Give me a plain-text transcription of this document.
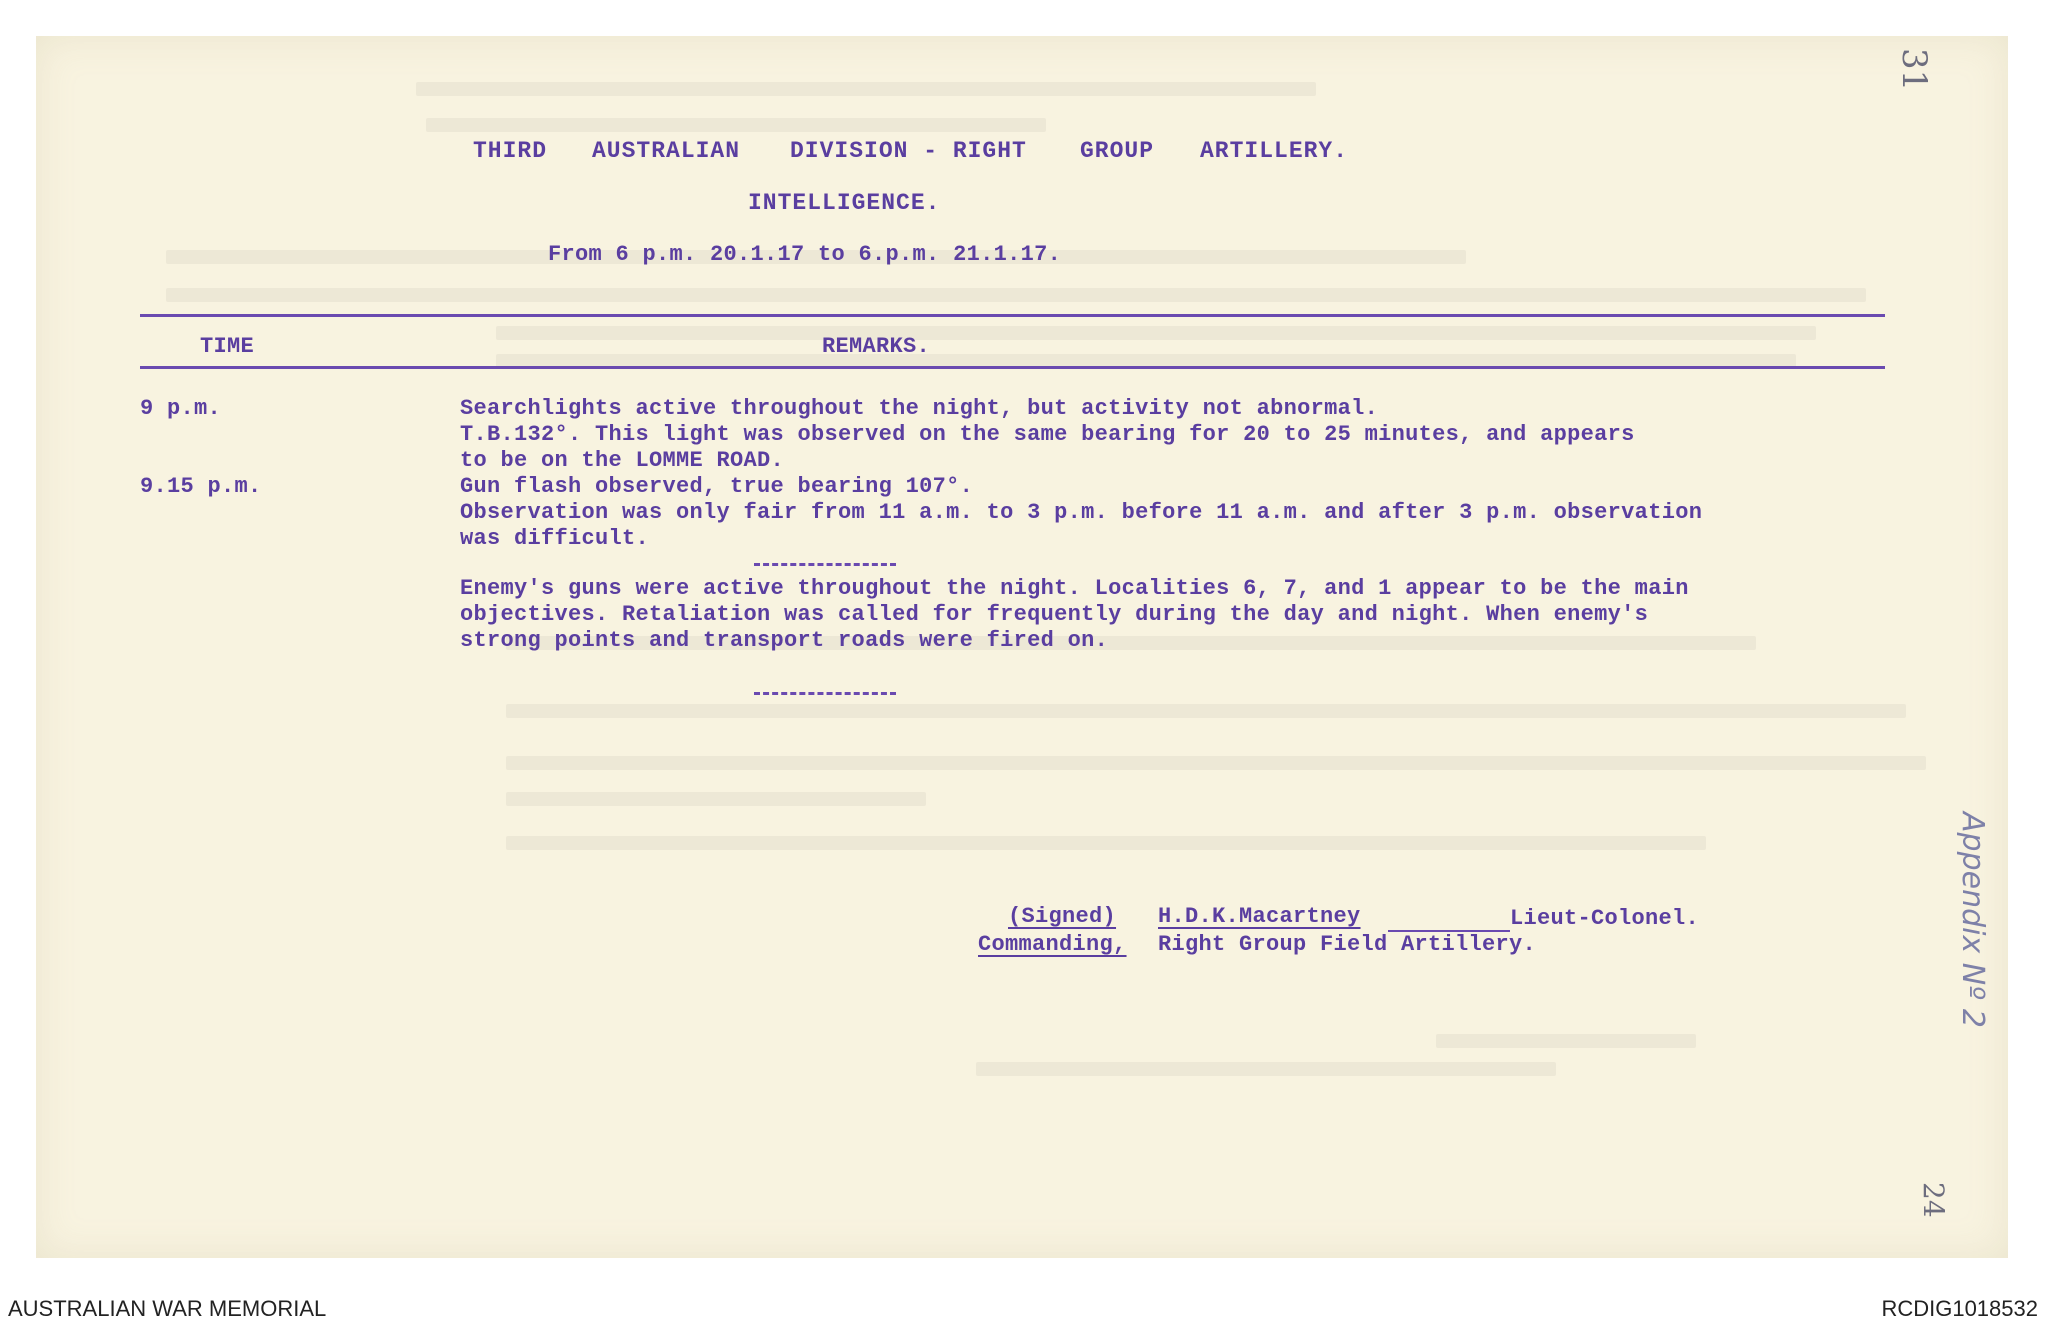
THIRD AUSTRALIAN DIVISION - RIGHT GROUP ARTILLERY.
INTELLIGENCE.
From 6 p.m. 20.1.17 to 6.p.m. 21.1.17.
TIME	REMARKS.
9 p.m.	Searchlights active throughout the night, but activity not abnormal.
T.B.132°. This light was observed on the same bearing for 20 to 25 minutes, and appears
to be on the LOMME ROAD.
9.15 p.m.	Gun flash observed, true bearing 107°.
Observation was only fair from 11 a.m. to 3 p.m. before 11 a.m. and after 3 p.m. observation
was difficult.
Enemy's guns were active throughout the night. Localities 6, 7, and 1 appear to be the main
objectives. Retaliation was called for frequently during the day and night. When enemy's
strong points and transport roads were fired on.
(Signed) H.D.K.Macartney	Lieut-Colonel.
Commanding, Right Group Field Artillery.
31
Appendix Nº 2
24
AUSTRALIAN WAR MEMORIAL	RCDIG1018532
